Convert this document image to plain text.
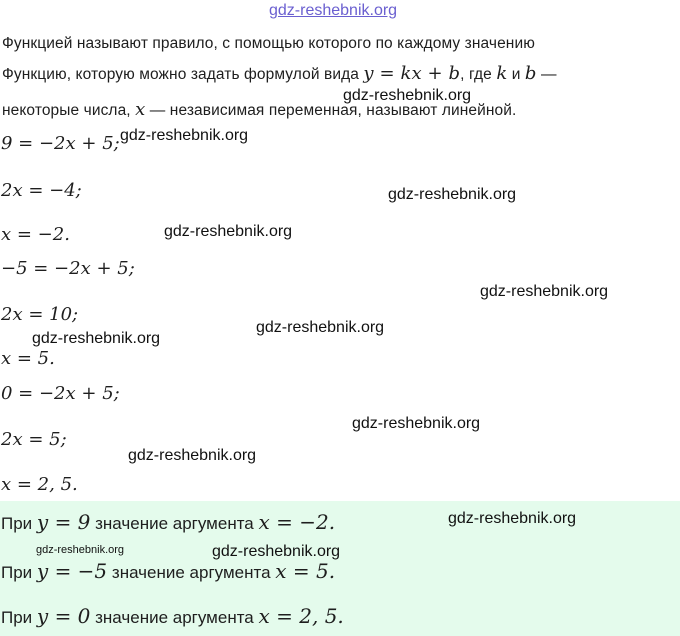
gdz-reshebnik.org
Функцией называют правило, с помощью которого по каждому значению
Функцию, которую можно задать формулой вида y = kx + b, где k и b —
некоторые числа, x — независимая переменная, называют линейной.
9 = −2x + 5;
2x = −4;
x = −2.
−5 = −2x + 5;
2x = 10;
x = 5.
0 = −2x + 5;
2x = 5;
x = 2, 5.
При y = 9 значение аргумента x = −2.
При y = −5 значение аргумента x = 5.
При y = 0 значение аргумента x = 2, 5.
gdz-reshebnik.org
gdz-reshebnik.org
gdz-reshebnik.org
gdz-reshebnik.org
gdz-reshebnik.org
gdz-reshebnik.org
gdz-reshebnik.org
gdz-reshebnik.org
gdz-reshebnik.org
gdz-reshebnik.org
gdz-reshebnik.org	gdz-reshebnik.org
